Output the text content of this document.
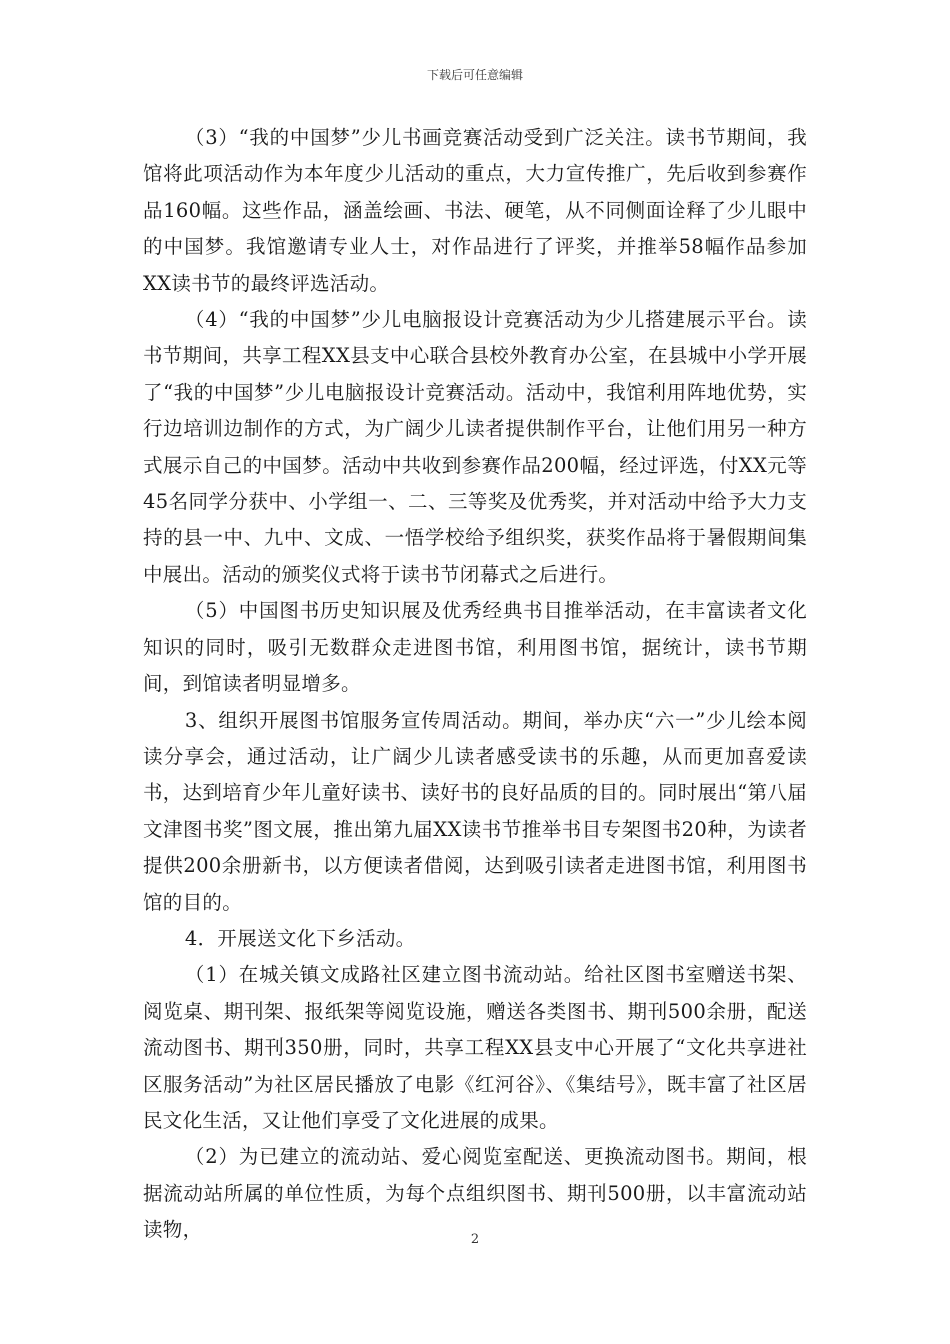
下载后可任意编辑

（3）“我的中国梦”少儿书画竞赛活动受到广泛关注。读书节期间，我馆将此项活动作为本年度少儿活动的重点，大力宣传推广，先后收到参赛作品160幅。这些作品，涵盖绘画、书法、硬笔，从不同侧面诠释了少儿眼中的中国梦。我馆邀请专业人士，对作品进行了评奖，并推举58幅作品参加XX读书节的最终评选活动。

（4）“我的中国梦”少儿电脑报设计竞赛活动为少儿搭建展示平台。读书节期间，共享工程XX县支中心联合县校外教育办公室，在县城中小学开展了“我的中国梦”少儿电脑报设计竞赛活动。活动中，我馆利用阵地优势，实行边培训边制作的方式，为广阔少儿读者提供制作平台，让他们用另一种方式展示自己的中国梦。活动中共收到参赛作品200幅，经过评选，付XX元等45名同学分获中、小学组一、二、三等奖及优秀奖，并对活动中给予大力支持的县一中、九中、文成、一悟学校给予组织奖，获奖作品将于暑假期间集中展出。活动的颁奖仪式将于读书节闭幕式之后进行。

（5）中国图书历史知识展及优秀经典书目推举活动，在丰富读者文化知识的同时，吸引无数群众走进图书馆，利用图书馆，据统计，读书节期间，到馆读者明显增多。

3、组织开展图书馆服务宣传周活动。期间，举办庆“六一”少儿绘本阅读分享会，通过活动，让广阔少儿读者感受读书的乐趣，从而更加喜爱读书，达到培育少年儿童好读书、读好书的良好品质的目的。同时展出“第八届文津图书奖”图文展，推出第九届XX读书节推举书目专架图书20种，为读者提供200余册新书，以方便读者借阅，达到吸引读者走进图书馆，利用图书馆的目的。

4．开展送文化下乡活动。

（1）在城关镇文成路社区建立图书流动站。给社区图书室赠送书架、阅览桌、期刊架、报纸架等阅览设施，赠送各类图书、期刊500余册，配送流动图书、期刊350册，同时，共享工程XX县支中心开展了“文化共享进社区服务活动”为社区居民播放了电影《红河谷》、《集结号》，既丰富了社区居民文化生活，又让他们享受了文化进展的成果。

（2）为已建立的流动站、爱心阅览室配送、更换流动图书。期间，根据流动站所属的单位性质，为每个点组织图书、期刊500册，以丰富流动站读物，	2
